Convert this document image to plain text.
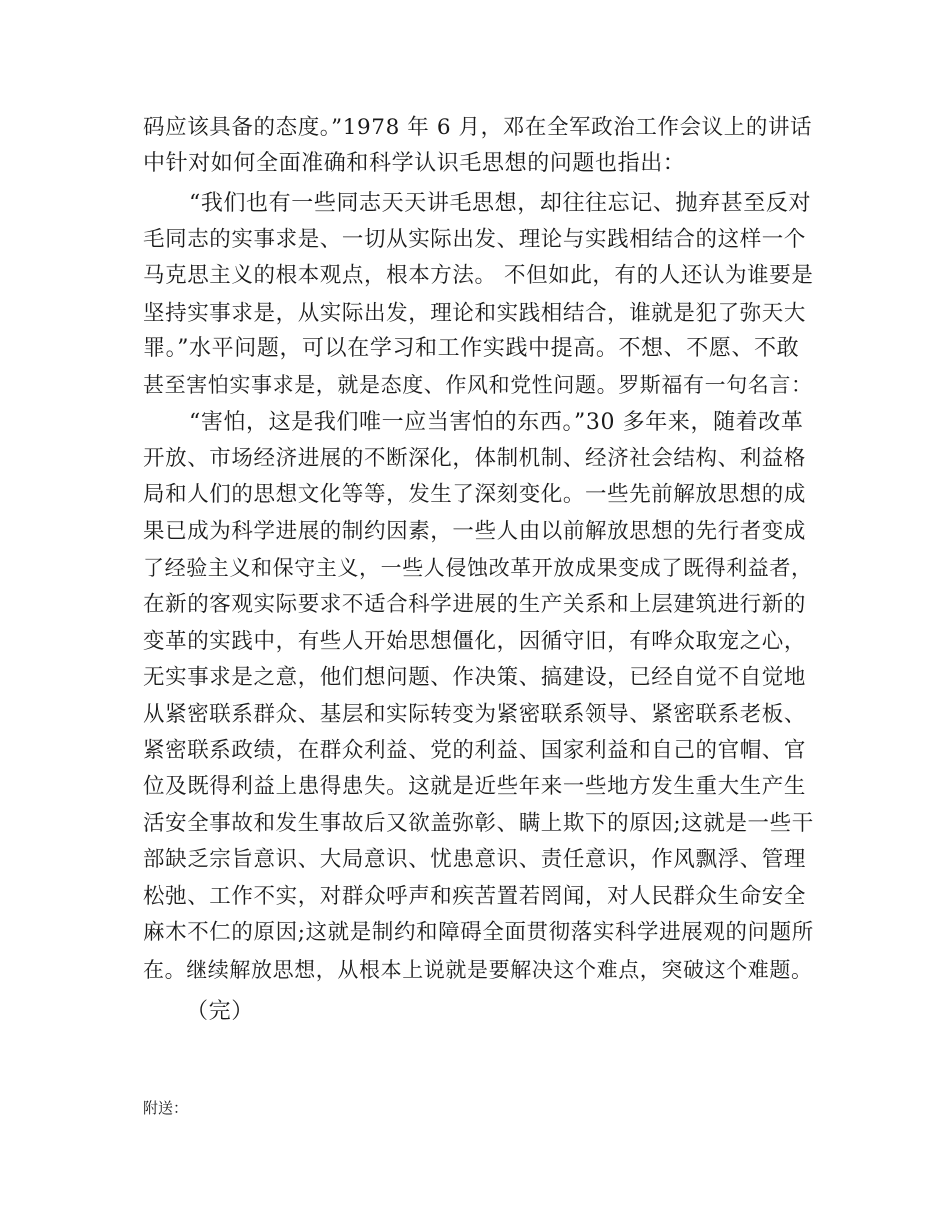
码应该具备的态度。”1978 年 6 月，邓在全军政治工作会议上的讲话
中针对如何全面准确和科学认识毛思想的问题也指出：
“我们也有一些同志天天讲毛思想，却往往忘记、抛弃甚至反对
毛同志的实事求是、一切从实际出发、理论与实践相结合的这样一个
马克思主义的根本观点，根本方法。 不但如此，有的人还认为谁要是
坚持实事求是，从实际出发，理论和实践相结合，谁就是犯了弥天大
罪。”水平问题，可以在学习和工作实践中提高。不想、不愿、不敢
甚至害怕实事求是，就是态度、作风和党性问题。罗斯福有一句名言：
“害怕，这是我们唯一应当害怕的东西。”30 多年来，随着改革
开放、市场经济进展的不断深化，体制机制、经济社会结构、利益格
局和人们的思想文化等等，发生了深刻变化。一些先前解放思想的成
果已成为科学进展的制约因素，一些人由以前解放思想的先行者变成
了经验主义和保守主义，一些人侵蚀改革开放成果变成了既得利益者，
在新的客观实际要求不适合科学进展的生产关系和上层建筑进行新的
变革的实践中，有些人开始思想僵化，因循守旧，有哗众取宠之心，
无实事求是之意，他们想问题、作决策、搞建设，已经自觉不自觉地
从紧密联系群众、基层和实际转变为紧密联系领导、紧密联系老板、
紧密联系政绩，在群众利益、党的利益、国家利益和自己的官帽、官
位及既得利益上患得患失。这就是近些年来一些地方发生重大生产生
活安全事故和发生事故后又欲盖弥彰、瞒上欺下的原因;这就是一些干
部缺乏宗旨意识、大局意识、忧患意识、责任意识，作风飘浮、管理
松弛、工作不实，对群众呼声和疾苦置若罔闻，对人民群众生命安全
麻木不仁的原因;这就是制约和障碍全面贯彻落实科学进展观的问题所
在。继续解放思想，从根本上说就是要解决这个难点，突破这个难题。
（完）
附送：
